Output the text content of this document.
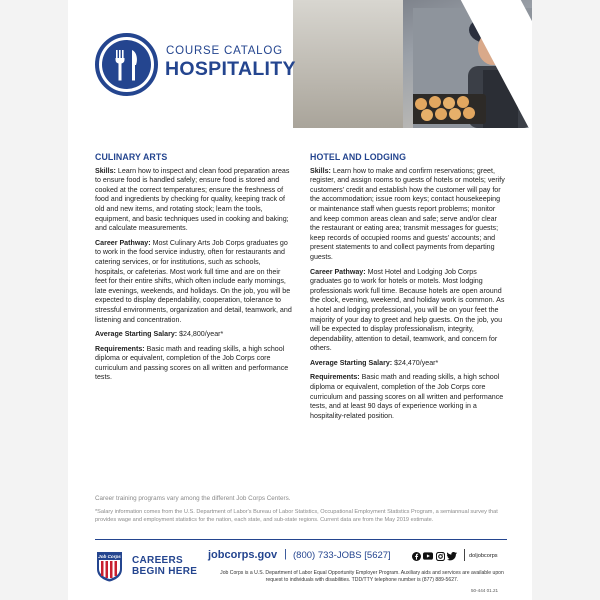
COURSE CATALOG
HOSPITALITY
CULINARY ARTS

Skills: Learn how to inspect and clean food preparation areas to ensure food is handled safely; ensure food is stored and cooked at the correct temperatures; ensure the freshness of food and ingredients by checking for quality, keeping track of old and new items, and rotating stock; learn the tools, equipment, and basic techniques used in cooking and baking; and calculate measurements.

Career Pathway: Most Culinary Arts Job Corps graduates go to work in the food service industry, often for restaurants and catering services, or for institutions, such as schools, hospitals, or cafeterias. Most work full time and are on their feet for their entire shifts, which often include early mornings, late evenings, weekends, and holidays. On the job, you will be expected to display dependability, cooperation, tolerance to stressful environments, organization and detail, teamwork, and listening and concentration.

Average Starting Salary: $24,800/year*

Requirements: Basic math and reading skills, a high school diploma or equivalent, completion of the Job Corps core curriculum and passing scores on all written and performance tests.

HOTEL AND LODGING

Skills: Learn how to make and confirm reservations; greet, register, and assign rooms to guests of hotels or motels; verify customers' credit and establish how the customer will pay for the accommodation; issue room keys; contact housekeeping or maintenance staff when guests report problems; monitor and keep common areas clean and safe; serve and/or clear the restaurant or eating area; transmit messages for guests; keep records of occupied rooms and guests' accounts; and present statements to and collect payments from departing guests.

Career Pathway: Most Hotel and Lodging Job Corps graduates go to work for hotels or motels. Most lodging professionals work full time. Because hotels are open around the clock, evening, weekend, and holiday work is common. As a hotel and lodging professional, you will be on your feet the majority of your day to greet and help guests. On the job, you will be expected to display professionalism, integrity, dependability, attention to detail, teamwork, and concern for others.

Average Starting Salary: $24,470/year*

Requirements: Basic math and reading skills, a high school diploma or equivalent, completion of the Job Corps core curriculum and passing scores on all written and performance tests, and at least 90 days of experience working in a hospitality-related position.

Career training programs vary among the different Job Corps Centers.
*Salary information comes from the U.S. Department of Labor's Bureau of Labor Statistics, Occupational Employment Statistics Program, a semiannual survey that provides wage and employment statistics for the nation, each state, and sub-state regions. Current data are from the May 2019 estimate.
Job Corps CAREERS
BEGIN HERE
jobcorps.gov | (800) 733-JOBS [5627]	doljobcorps
Job Corps is a U.S. Department of Labor Equal Opportunity Employer Program. Auxiliary aids and services are available upon request to individuals with disabilities. TDD/TTY telephone number is (877) 889-5627.
50-444 01.21
